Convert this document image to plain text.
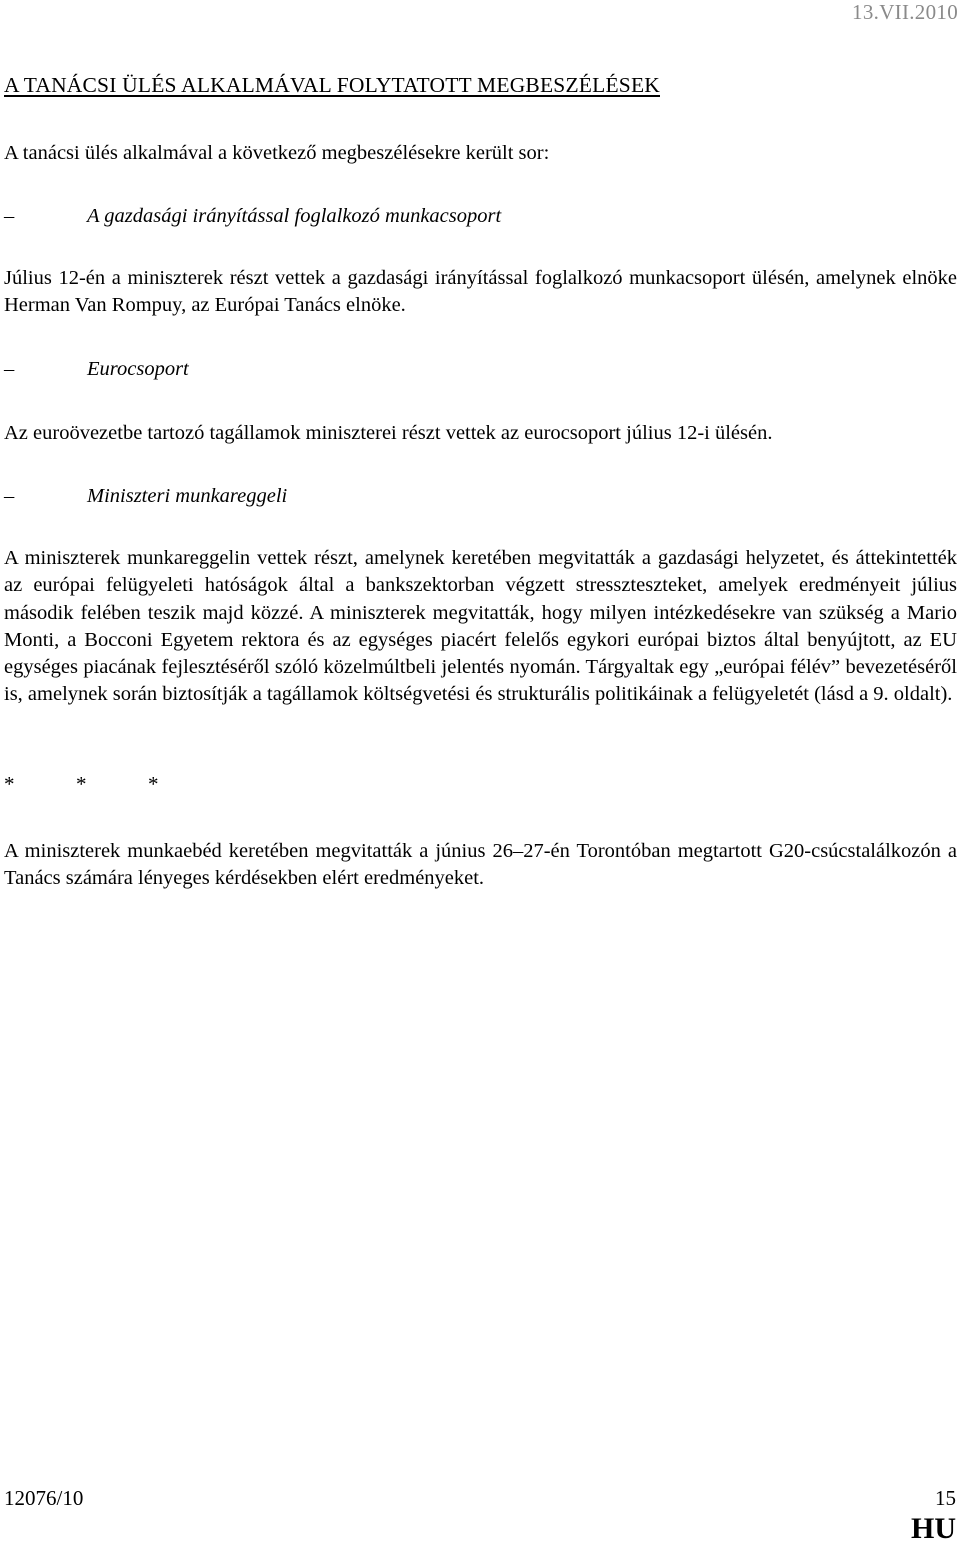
13.VII.2010
A TANÁCSI ÜLÉS ALKALMÁVAL FOLYTATOTT MEGBESZÉLÉSEK
A tanácsi ülés alkalmával a következő megbeszélésekre került sor:
–	A gazdasági irányítással foglalkozó munkacsoport
Július 12-én a miniszterek részt vettek a gazdasági irányítással foglalkozó munkacsoport ülésén, amelynek elnöke Herman Van Rompuy, az Európai Tanács elnöke.
–	Eurocsoport
Az euroövezetbe tartozó tagállamok miniszterei részt vettek az eurocsoport július 12-i ülésén.
–	Miniszteri munkareggeli
A miniszterek munkareggelin vettek részt, amelynek keretében megvitatták a gazdasági helyzetet, és áttekintették az európai felügyeleti hatóságok által a bankszektorban végzett stresszteszteket, amelyek eredményeit július második felében teszik majd közzé. A miniszterek megvitatták, hogy milyen intézkedésekre van szükség a Mario Monti, a Bocconi Egyetem rektora és az egységes piacért felelős egykori európai biztos által benyújtott, az EU egységes piacának fejlesztéséről szóló közelmúltbeli jelentés nyomán. Tárgyaltak egy „európai félév” bevezetéséről is, amelynek során biztosítják a tagállamok költségvetési és strukturális politikáinak a felügyeletét (lásd a 9. oldalt).
*	*	*
A miniszterek munkaebéd keretében megvitatták a június 26–27-én Torontóban megtartott G20-csúcstalálkozón a Tanács számára lényeges kérdésekben elért eredményeket.
12076/10	15
HU
